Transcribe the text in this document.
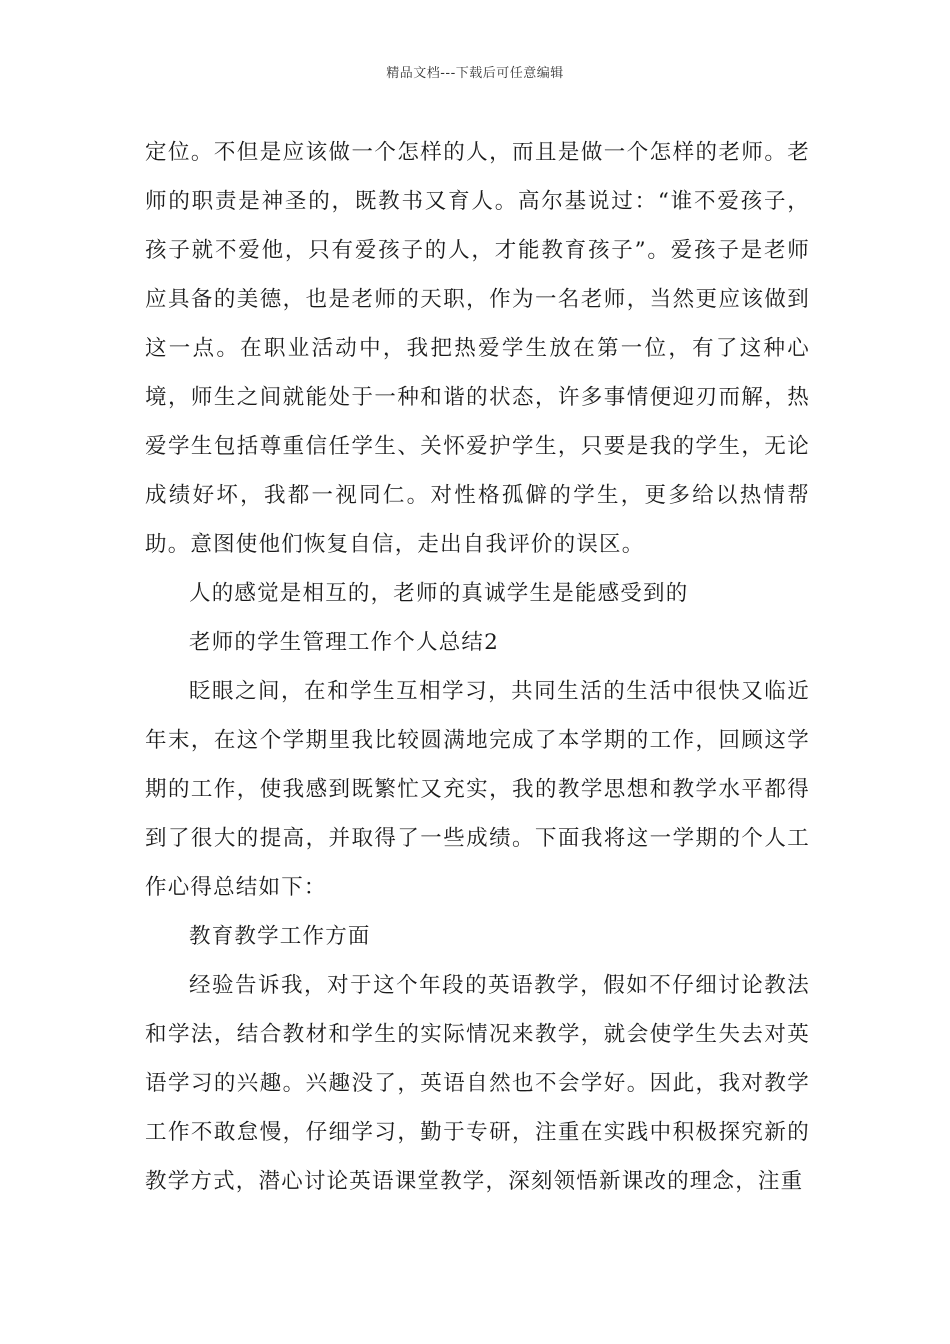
精品文档---下载后可任意编辑

定位。不但是应该做一个怎样的人，而且是做一个怎样的老师。老师的职责是神圣的，既教书又育人。高尔基说过：“谁不爱孩子，孩子就不爱他，只有爱孩子的人，才能教育孩子”。爱孩子是老师应具备的美德，也是老师的天职，作为一名老师，当然更应该做到这一点。在职业活动中，我把热爱学生放在第一位，有了这种心境，师生之间就能处于一种和谐的状态，许多事情便迎刃而解，热爱学生包括尊重信任学生、关怀爱护学生，只要是我的学生，无论成绩好坏，我都一视同仁。对性格孤僻的学生，更多给以热情帮助。意图使他们恢复自信，走出自我评价的误区。

人的感觉是相互的，老师的真诚学生是能感受到的

老师的学生管理工作个人总结2

眨眼之间，在和学生互相学习，共同生活的生活中很快又临近年末，在这个学期里我比较圆满地完成了本学期的工作，回顾这学期的工作，使我感到既繁忙又充实，我的教学思想和教学水平都得到了很大的提高，并取得了一些成绩。下面我将这一学期的个人工作心得总结如下：

教育教学工作方面

经验告诉我，对于这个年段的英语教学，假如不仔细讨论教法和学法，结合教材和学生的实际情况来教学，就会使学生失去对英语学习的兴趣。兴趣没了，英语自然也不会学好。因此，我对教学工作不敢怠慢，仔细学习，勤于专研，注重在实践中积极探究新的教学方式，潜心讨论英语课堂教学，深刻领悟新课改的理念，注重
